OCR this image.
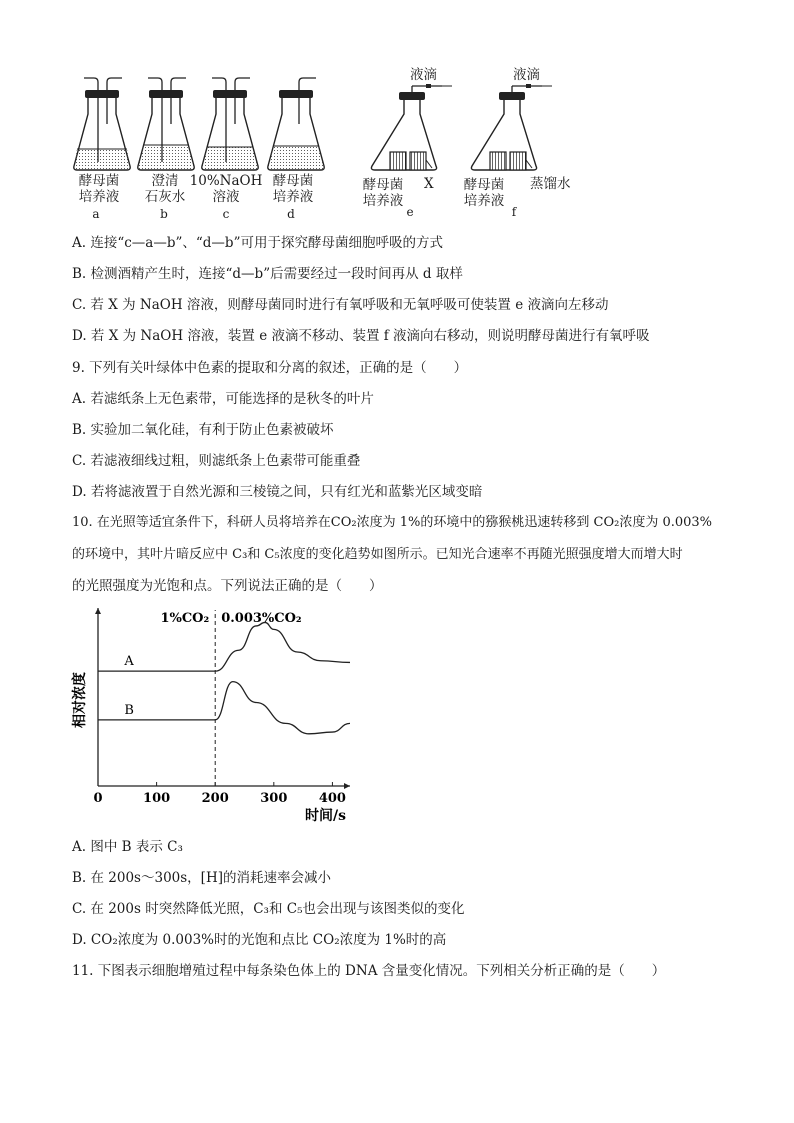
液滴	液滴
酵母菌
培养液
a
澄清
石灰水
b
10%NaOH
溶液
c
酵母菌
培养液
d
酵母菌
培养液
X
e
酵母菌
培养液
蒸馏水
f
A. 连接“c—a—b”、“d—b”可用于探究酵母菌细胞呼吸的方式
B. 检测酒精产生时，连接“d—b”后需要经过一段时间再从 d 取样
C. 若 X 为 NaOH 溶液，则酵母菌同时进行有氧呼吸和无氧呼吸可使装置 e 液滴向左移动
D. 若 X 为 NaOH 溶液，装置 e 液滴不移动、装置 f 液滴向右移动，则说明酵母菌进行有氧呼吸
9. 下列有关叶绿体中色素的提取和分离的叙述，正确的是（　　）
A. 若滤纸条上无色素带，可能选择的是秋冬的叶片
B. 实验加二氧化硅，有利于防止色素被破坏
C. 若滤液细线过粗，则滤纸条上色素带可能重叠
D. 若将滤液置于自然光源和三棱镜之间，只有红光和蓝紫光区域变暗
10. 在光照等适宜条件下，科研人员将培养在CO₂浓度为 1%的环境中的猕猴桃迅速转移到 CO₂浓度为 0.003%
的环境中，其叶片暗反应中 C₃和 C₅浓度的变化趋势如图所示。已知光合速率不再随光照强度增大而增大时
的光照强度为光饱和点。下列说法正确的是（　　）
0	100 200 300 400
A
B
1%CO₂ 0.003%CO₂
相对浓度
时间/s
A. 图中 B 表示 C₃
B. 在 200s～300s，[H]的消耗速率会减小
C. 在 200s 时突然降低光照，C₃和 C₅也会出现与该图类似的变化
D. CO₂浓度为 0.003%时的光饱和点比 CO₂浓度为 1%时的高
11. 下图表示细胞增殖过程中每条染色体上的 DNA 含量变化情况。下列相关分析正确的是（　　）
